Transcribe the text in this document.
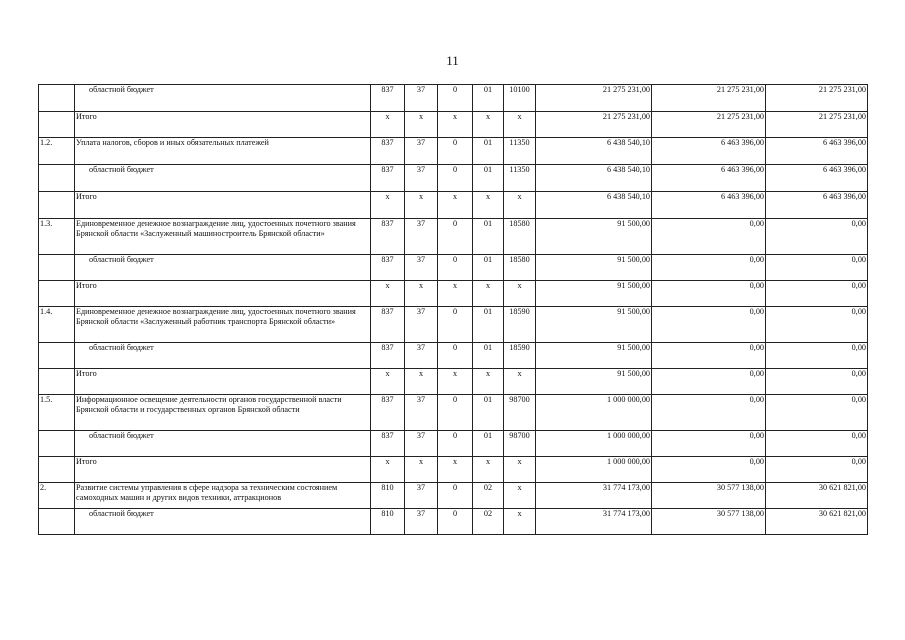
11
	областной бюджет	837	37	0	01	10100	21 275 231,00	21 275 231,00	21 275 231,00
	Итого	х	х	х	х	х	21 275 231,00	21 275 231,00	21 275 231,00
1.2.	Уплата налогов, сборов и иных обязательных платежей	837	37	0	01	11350	6 438 540,10	6 463 396,00	6 463 396,00
	областной бюджет	837	37	0	01	11350	6 438 540,10	6 463 396,00	6 463 396,00
	Итого	х	х	х	х	х	6 438 540,10	6 463 396,00	6 463 396,00
1.3.	Единовременное денежное вознаграждение лиц, удостоенных почетного звания Брянской области «Заслуженный машиностроитель Брянской области»	837	37	0	01	18580	91 500,00	0,00	0,00
	областной бюджет	837	37	0	01	18580	91 500,00	0,00	0,00
	Итого	х	х	х	х	х	91 500,00	0,00	0,00
1.4.	Единовременное денежное вознаграждение лиц, удостоенных почетного звания Брянской области «Заслуженный работник транспорта Брянской области»	837	37	0	01	18590	91 500,00	0,00	0,00
	областной бюджет	837	37	0	01	18590	91 500,00	0,00	0,00
	Итого	х	х	х	х	х	91 500,00	0,00	0,00
1.5.	Информационное освещение деятельности органов государственной власти Брянской области и государственных органов Брянской области	837	37	0	01	98700	1 000 000,00	0,00	0,00
	областной бюджет	837	37	0	01	98700	1 000 000,00	0,00	0,00
	Итого	х	х	х	х	х	1 000 000,00	0,00	0,00
2.	Развитие системы управления в сфере надзора за техническим состоянием самоходных машин и других видов техники, аттракционов	810	37	0	02	х	31 774 173,00	30 577 138,00	30 621 821,00
	областной бюджет	810	37	0	02	х	31 774 173,00	30 577 138,00	30 621 821,00
